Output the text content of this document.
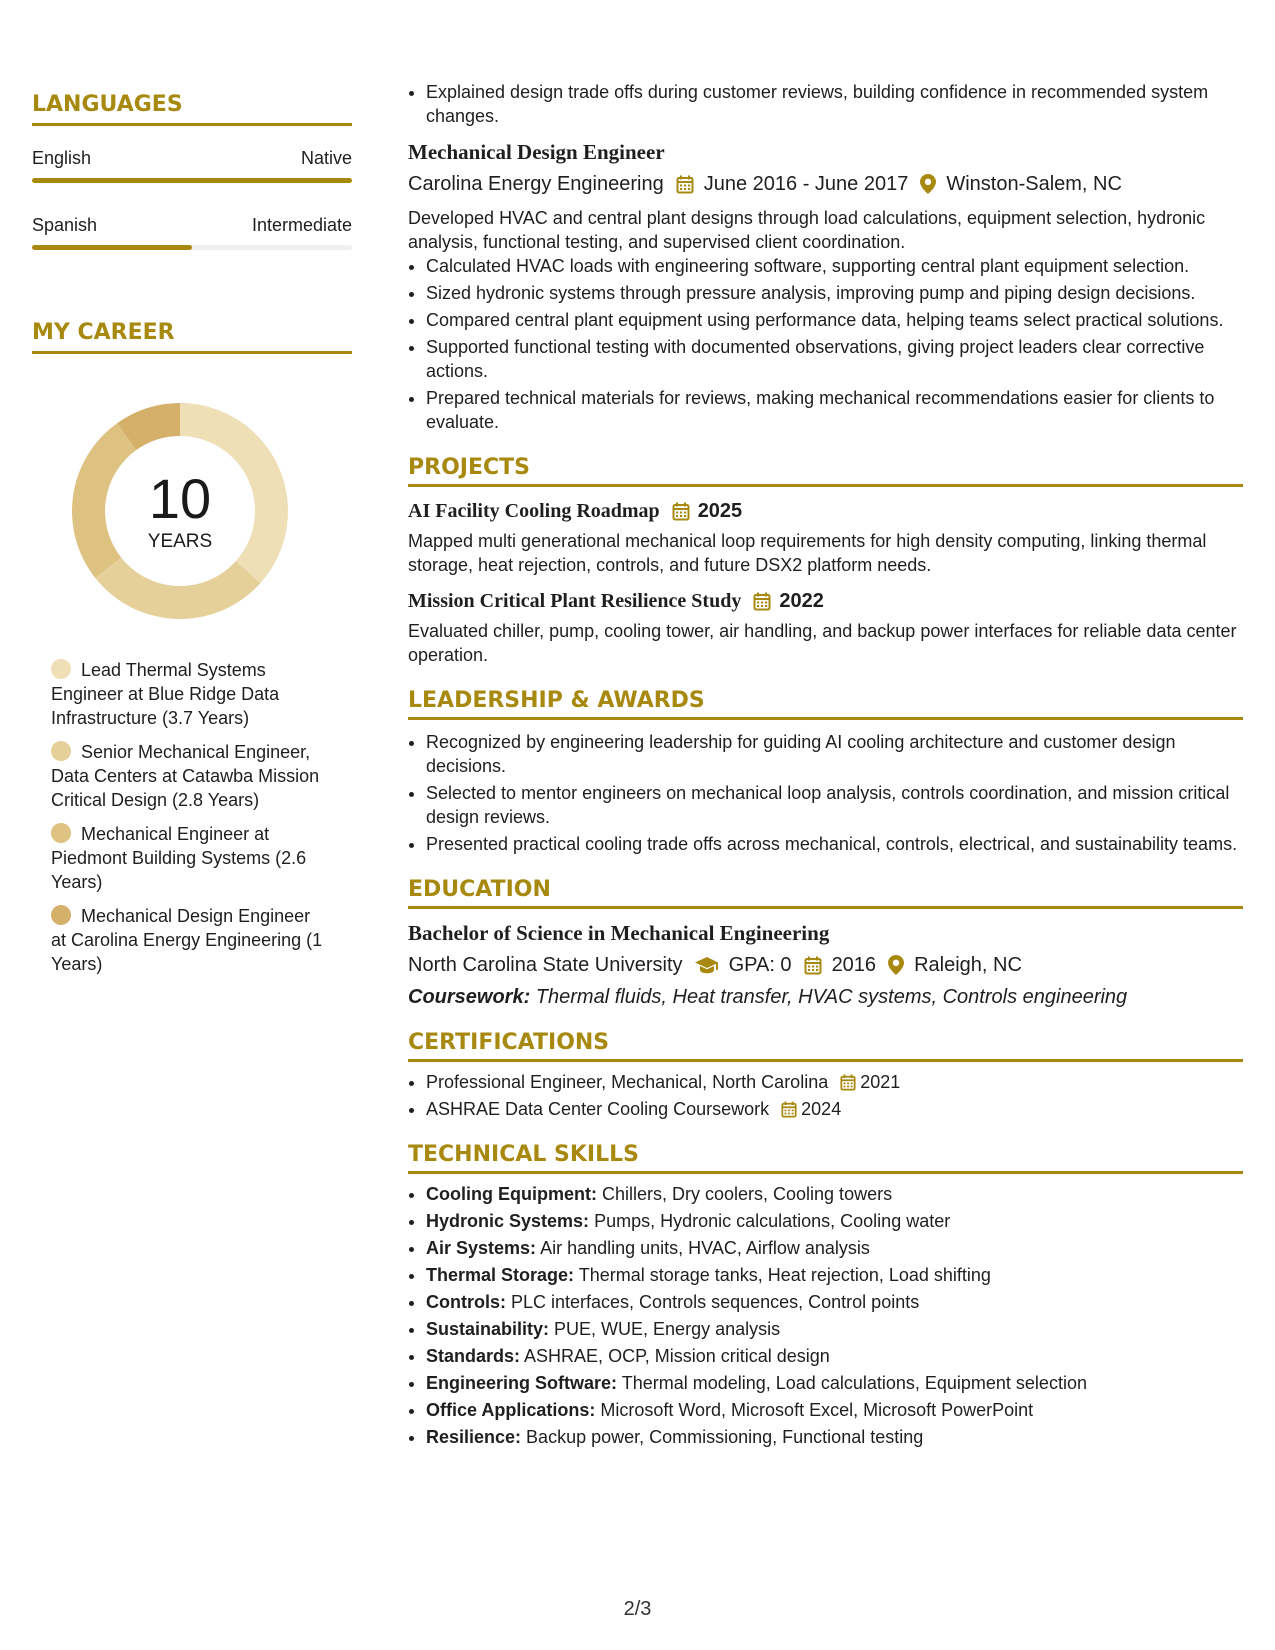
LANGUAGES
English	Native
Spanish	Intermediate
MY CAREER
10
YEARS
Lead Thermal Systems Engineer at Blue Ridge Data Infrastructure (3.7 Years)
Senior Mechanical Engineer, Data Centers at Catawba Mission Critical Design (2.8 Years)
Mechanical Engineer at Piedmont Building Systems (2.6 Years)
Mechanical Design Engineer at Carolina Energy Engineering (1 Years)
• Explained design trade offs during customer reviews, building confidence in recommended system changes.
Mechanical Design Engineer
Carolina Energy Engineering June 2016 - June 2017 Winston-Salem, NC
Developed HVAC and central plant designs through load calculations, equipment selection, hydronic analysis, functional testing, and supervised client coordination.
• Calculated HVAC loads with engineering software, supporting central plant equipment selection.
• Sized hydronic systems through pressure analysis, improving pump and piping design decisions.
• Compared central plant equipment using performance data, helping teams select practical solutions.
• Supported functional testing with documented observations, giving project leaders clear corrective actions.
• Prepared technical materials for reviews, making mechanical recommendations easier for clients to evaluate.
PROJECTS
AI Facility Cooling Roadmap 2025
Mapped multi generational mechanical loop requirements for high density computing, linking thermal storage, heat rejection, controls, and future DSX2 platform needs.
Mission Critical Plant Resilience Study 2022
Evaluated chiller, pump, cooling tower, air handling, and backup power interfaces for reliable data center operation.
LEADERSHIP & AWARDS
• Recognized by engineering leadership for guiding AI cooling architecture and customer design decisions.
• Selected to mentor engineers on mechanical loop analysis, controls coordination, and mission critical design reviews.
• Presented practical cooling trade offs across mechanical, controls, electrical, and sustainability teams.
EDUCATION
Bachelor of Science in Mechanical Engineering
North Carolina State University GPA: 0 2016 Raleigh, NC
Coursework: Thermal fluids, Heat transfer, HVAC systems, Controls engineering
CERTIFICATIONS
• Professional Engineer, Mechanical, North Carolina 2021
• ASHRAE Data Center Cooling Coursework 2024
TECHNICAL SKILLS
• Cooling Equipment: Chillers, Dry coolers, Cooling towers
• Hydronic Systems: Pumps, Hydronic calculations, Cooling water
• Air Systems: Air handling units, HVAC, Airflow analysis
• Thermal Storage: Thermal storage tanks, Heat rejection, Load shifting
• Controls: PLC interfaces, Controls sequences, Control points
• Sustainability: PUE, WUE, Energy analysis
• Standards: ASHRAE, OCP, Mission critical design
• Engineering Software: Thermal modeling, Load calculations, Equipment selection
• Office Applications: Microsoft Word, Microsoft Excel, Microsoft PowerPoint
• Resilience: Backup power, Commissioning, Functional testing
2/3
